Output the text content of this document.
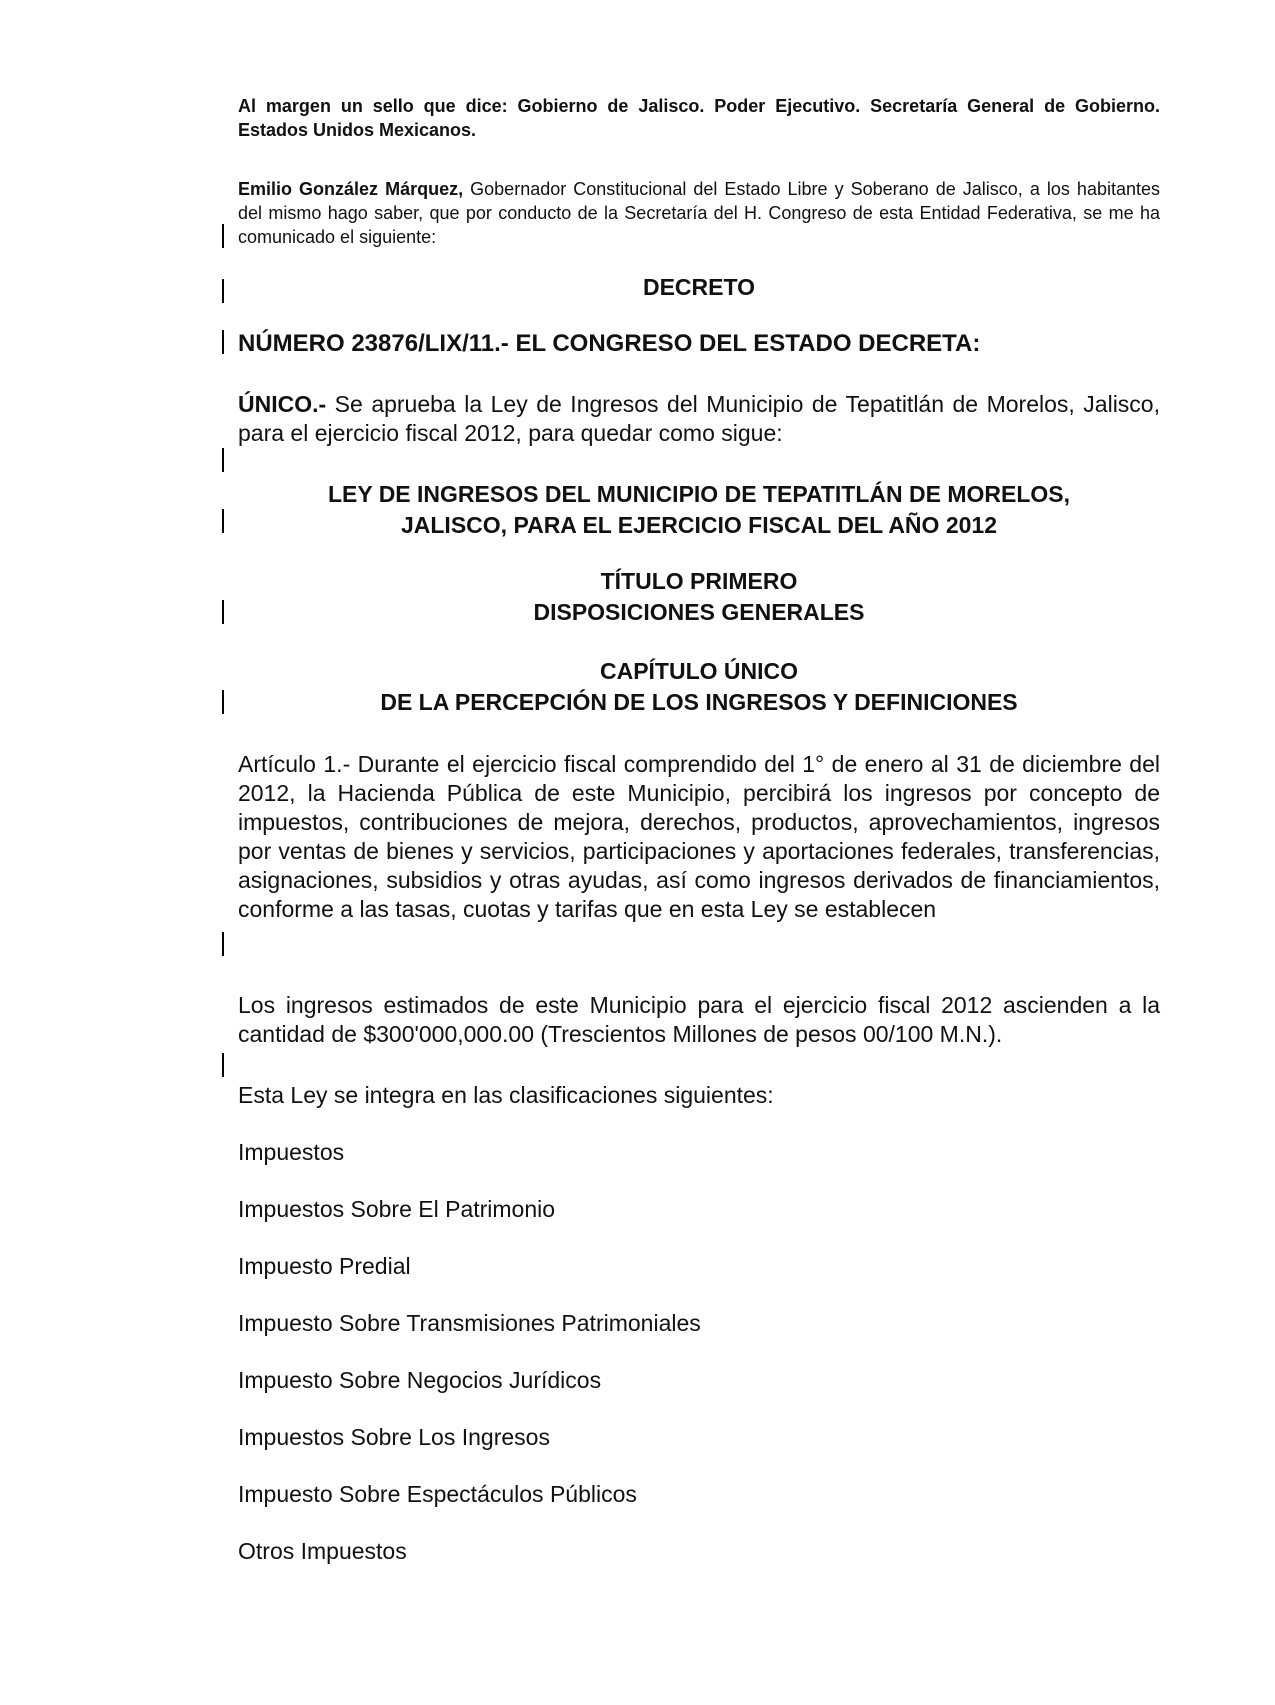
Al margen un sello que dice: Gobierno de Jalisco. Poder Ejecutivo. Secretaría General de Gobierno. Estados Unidos Mexicanos.
Emilio González Márquez, Gobernador Constitucional del Estado Libre y Soberano de Jalisco, a los habitantes del mismo hago saber, que por conducto de la Secretaría del H. Congreso de esta Entidad Federativa, se me ha comunicado el siguiente:
DECRETO
NÚMERO 23876/LIX/11.- EL CONGRESO DEL ESTADO DECRETA:
ÚNICO.- Se aprueba la Ley de Ingresos del Municipio de Tepatitlán de Morelos, Jalisco, para el ejercicio fiscal 2012, para quedar como sigue:
LEY DE INGRESOS DEL MUNICIPIO DE TEPATITLÁN DE MORELOS,
JALISCO, PARA EL EJERCICIO FISCAL DEL AÑO 2012
TÍTULO PRIMERO
DISPOSICIONES GENERALES
CAPÍTULO ÚNICO
DE LA PERCEPCIÓN DE LOS INGRESOS Y DEFINICIONES
Artículo 1.- Durante el ejercicio fiscal comprendido del 1° de enero al 31 de diciembre del 2012, la Hacienda Pública de este Municipio, percibirá los ingresos por concepto de impuestos, contribuciones de mejora, derechos, productos, aprovechamientos, ingresos por ventas de bienes y servicios, participaciones y aportaciones federales, transferencias, asignaciones, subsidios y otras ayudas, así como ingresos derivados de financiamientos, conforme a las tasas, cuotas y tarifas que en esta Ley se establecen
Los ingresos estimados de este Municipio para el ejercicio fiscal 2012 ascienden a la cantidad de $300'000,000.00 (Trescientos Millones de pesos 00/100 M.N.).
Esta Ley se integra en las clasificaciones siguientes:
Impuestos
Impuestos Sobre El Patrimonio
Impuesto Predial
Impuesto Sobre Transmisiones Patrimoniales
Impuesto Sobre Negocios Jurídicos
Impuestos Sobre Los Ingresos
Impuesto Sobre Espectáculos Públicos
Otros Impuestos
